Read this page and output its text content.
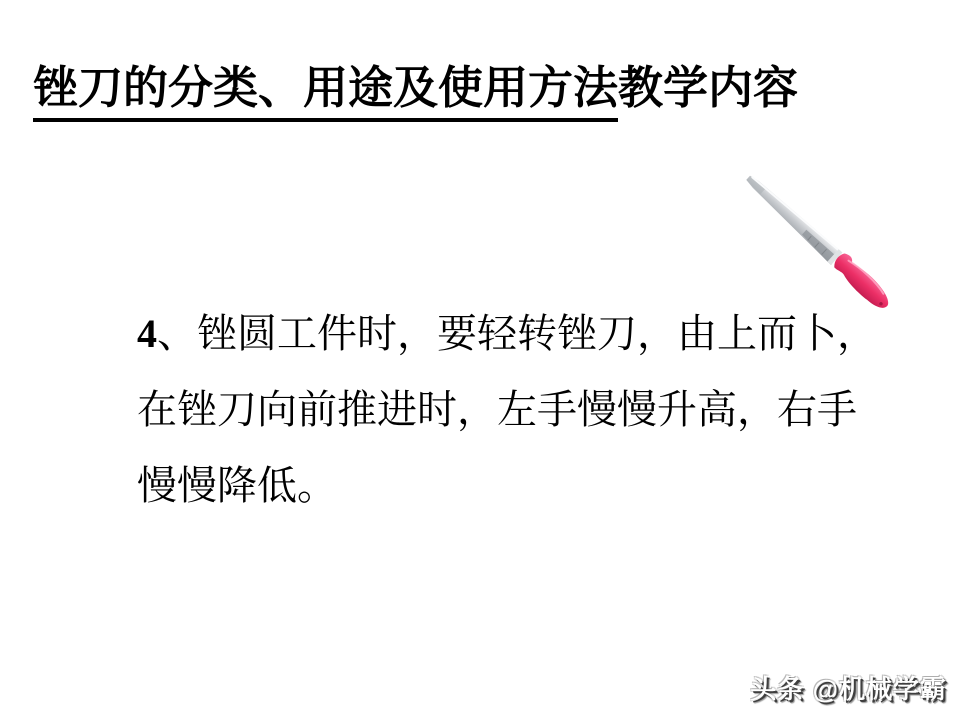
锉刀的分类、用途及使用方法教学内容
4、锉圆工件时，要轻转锉刀，由上而卜，
在锉刀向前推进时，左手慢慢升高，右手
慢慢降低。
头条 @机械学霸
